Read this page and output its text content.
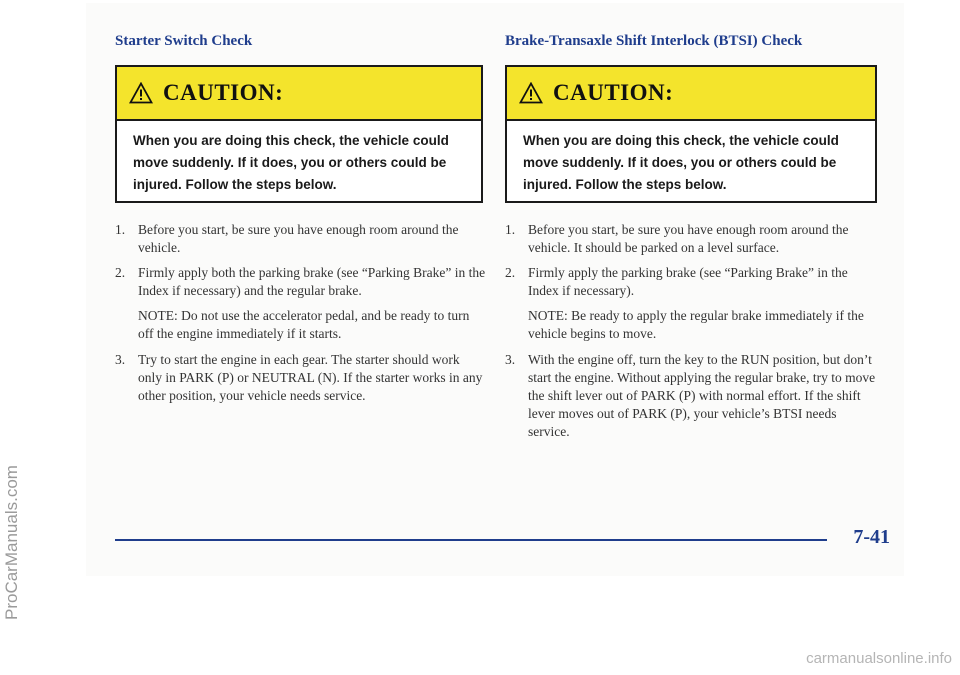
Starter Switch Check
CAUTION:
When you are doing this check, the vehicle could move suddenly. If it does, you or others could be injured. Follow the steps below.
1. Before you start, be sure you have enough room around the vehicle.
2. Firmly apply both the parking brake (see “Parking Brake” in the Index if necessary) and the regular brake.
NOTE: Do not use the accelerator pedal, and be ready to turn off the engine immediately if it starts.
3. Try to start the engine in each gear. The starter should work only in PARK (P) or NEUTRAL (N). If the starter works in any other position, your vehicle needs service.
Brake-Transaxle Shift Interlock (BTSI) Check
CAUTION:
When you are doing this check, the vehicle could move suddenly. If it does, you or others could be injured. Follow the steps below.
1. Before you start, be sure you have enough room around the vehicle. It should be parked on a level surface.
2. Firmly apply the parking brake (see “Parking Brake” in the Index if necessary).
NOTE: Be ready to apply the regular brake immediately if the vehicle begins to move.
3. With the engine off, turn the key to the RUN position, but don’t start the engine. Without applying the regular brake, try to move the shift lever out of PARK (P) with normal effort. If the shift lever moves out of PARK (P), your vehicle’s BTSI needs service.
7-41
ProCarManuals.com
carmanualsonline.info
